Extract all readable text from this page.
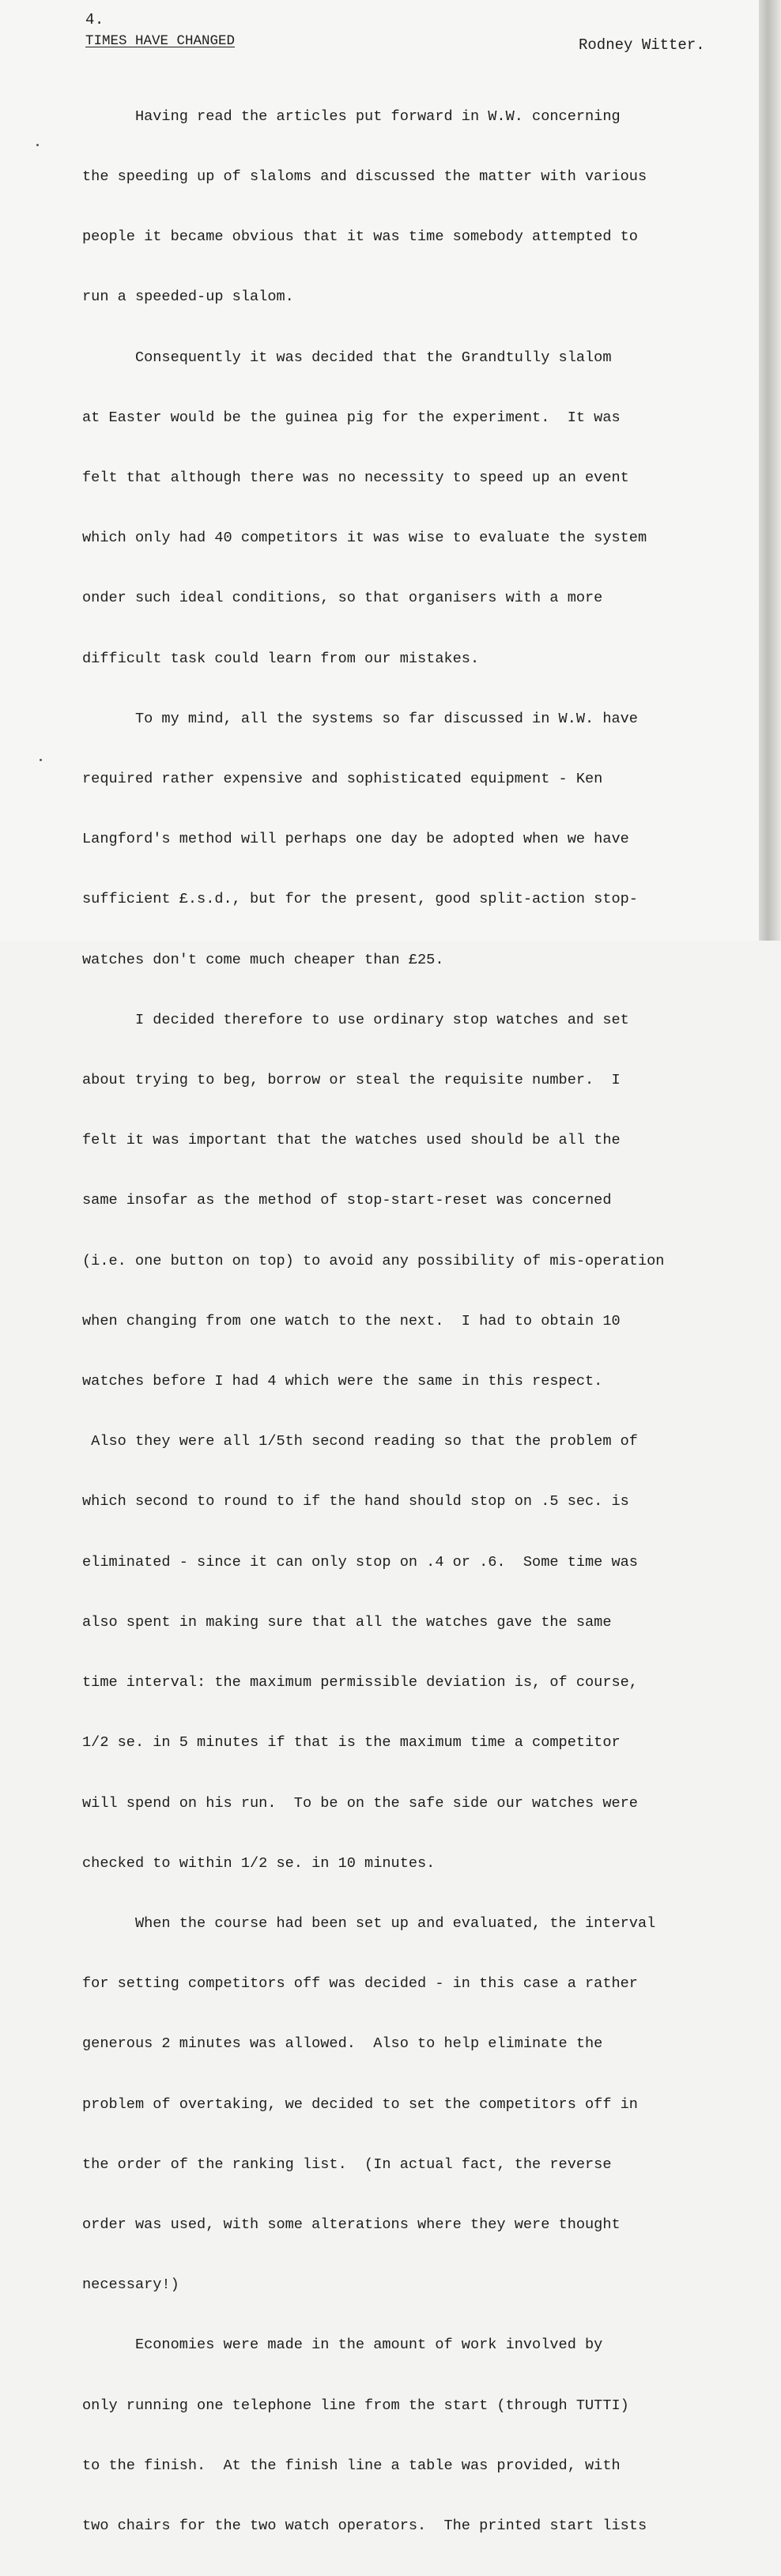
4.
TIMES HAVE CHANGED	Rodney Witter.

Having read the articles put forward in W.W. concerning

the speeding up of slaloms and discussed the matter with various

people it became obvious that it was time somebody attempted to

run a speeded-up slalom.

Consequently it was decided that the Grandtully slalom

at Easter would be the guinea pig for the experiment.  It was

felt that although there was no necessity to speed up an event

which only had 40 competitors it was wise to evaluate the system

onder such ideal conditions, so that organisers with a more

difficult task could learn from our mistakes.

To my mind, all the systems so far discussed in W.W. have

required rather expensive and sophisticated equipment - Ken

Langford's method will perhaps one day be adopted when we have

sufficient £.s.d., but for the present, good split-action stop-

watches don't come much cheaper than £25.

I decided therefore to use ordinary stop watches and set

about trying to beg, borrow or steal the requisite number.  I

felt it was important that the watches used should be all the

same insofar as the method of stop-start-reset was concerned

(i.e. one button on top) to avoid any possibility of mis-operation

when changing from one watch to the next.  I had to obtain 10

watches before I had 4 which were the same in this respect.

Also they were all 1/5th second reading so that the problem of

which second to round to if the hand should stop on .5 sec. is

eliminated - since it can only stop on .4 or .6.  Some time was

also spent in making sure that all the watches gave the same

time interval: the maximum permissible deviation is, of course,

1/2 se. in 5 minutes if that is the maximum time a competitor

will spend on his run.  To be on the safe side our watches were

checked to within 1/2 se. in 10 minutes.

When the course had been set up and evaluated, the interval

for setting competitors off was decided - in this case a rather

generous 2 minutes was allowed.  Also to help eliminate the

problem of overtaking, we decided to set the competitors off in

the order of the ranking list.  (In actual fact, the reverse

order was used, with some alterations where they were thought

necessary!)

Economies were made in the amount of work involved by

only running one telephone line from the start (through TUTTI)

to the finish.  At the finish line a table was provided, with

two chairs for the two watch operators.  The printed start lists
